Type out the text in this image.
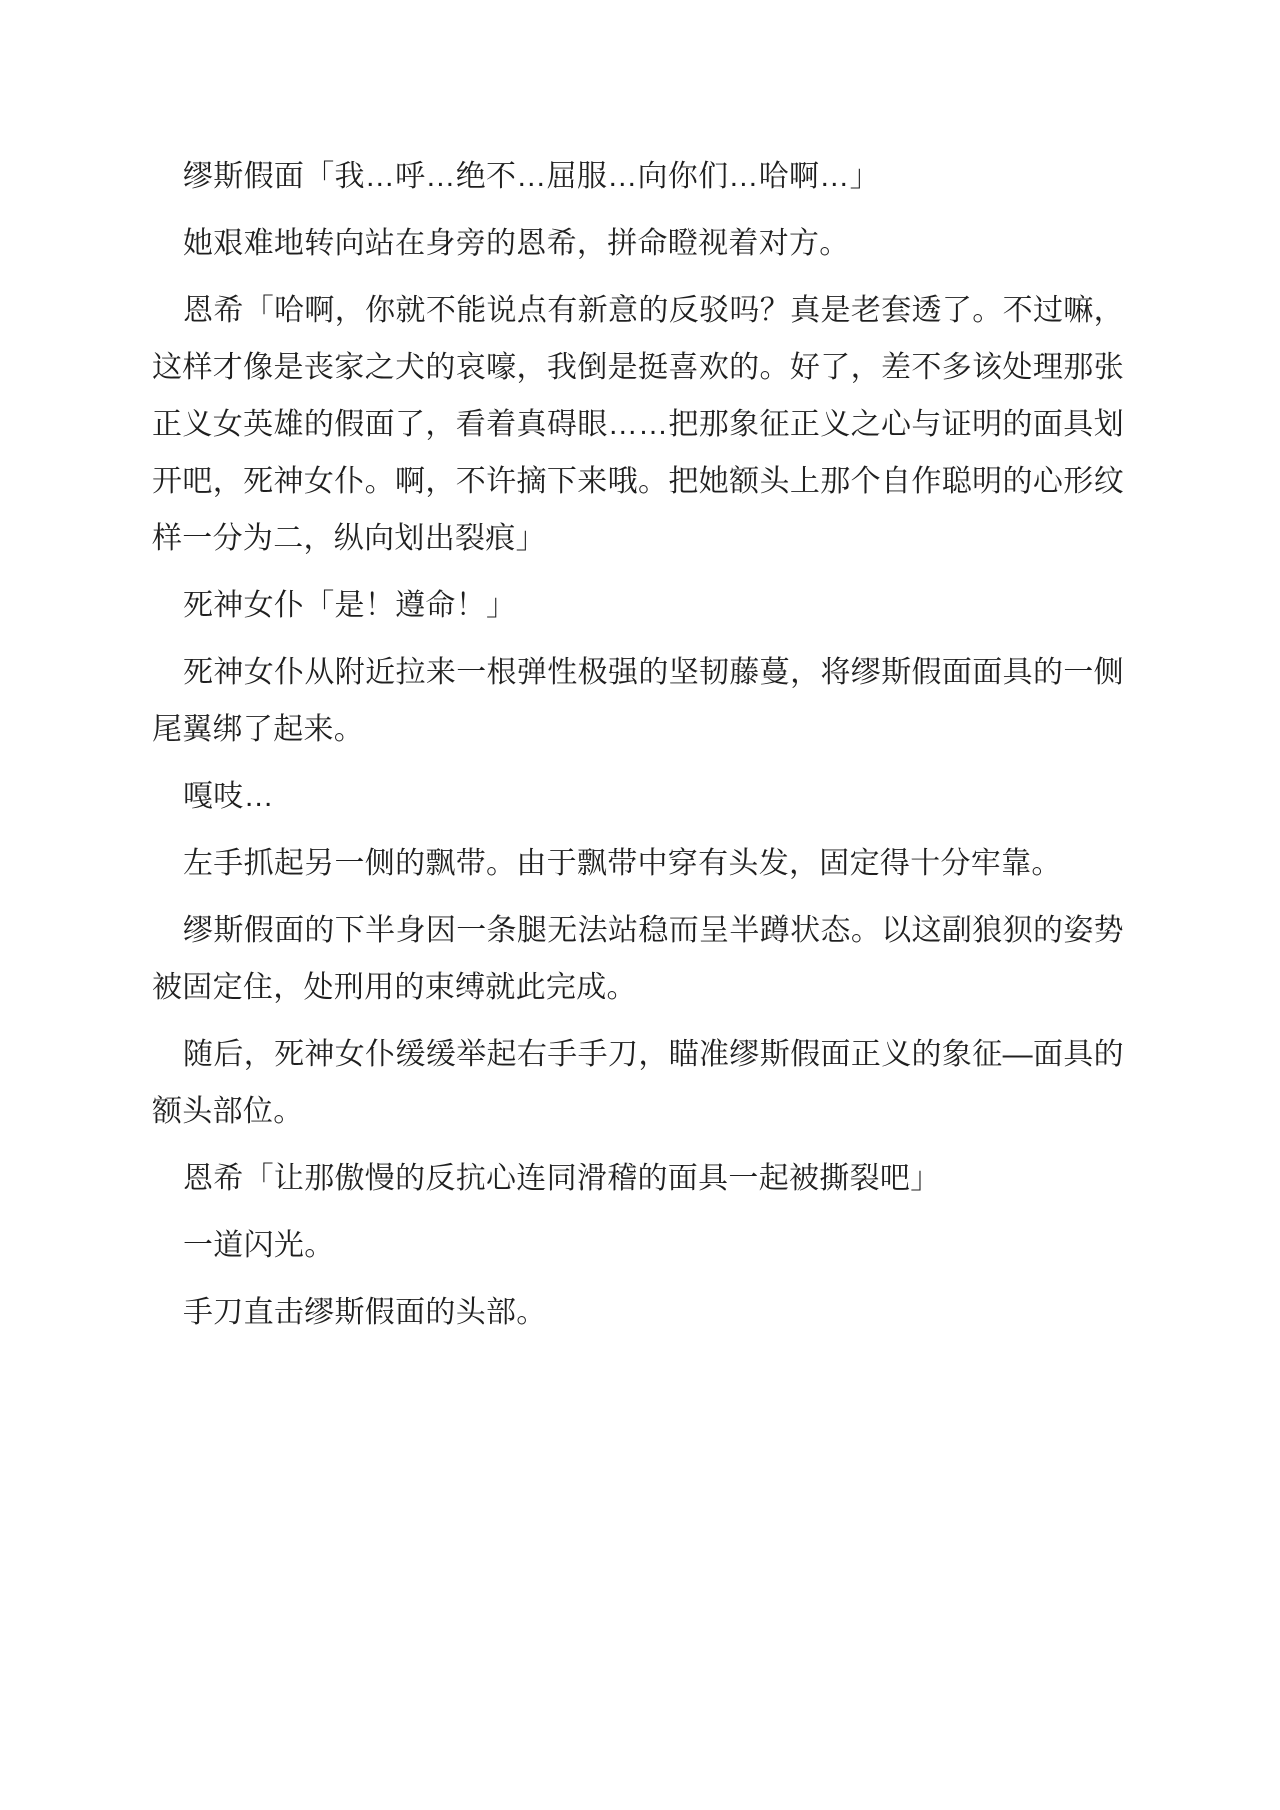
缪斯假面「我…呼…绝不…屈服…向你们…哈啊…」
她艰难地转向站在身旁的恩希，拼命瞪视着对方。
恩希「哈啊，你就不能说点有新意的反驳吗？真是老套透了。不过嘛，
这样才像是丧家之犬的哀嚎，我倒是挺喜欢的。好了，差不多该处理那张
正义女英雄的假面了，看着真碍眼……把那象征正义之心与证明的面具划
开吧，死神女仆。啊，不许摘下来哦。把她额头上那个自作聪明的心形纹
样一分为二，纵向划出裂痕」
死神女仆「是！遵命！」
死神女仆从附近拉来一根弹性极强的坚韧藤蔓，将缪斯假面面具的一侧
尾翼绑了起来。
嘎吱…
左手抓起另一侧的飘带。由于飘带中穿有头发，固定得十分牢靠。
缪斯假面的下半身因一条腿无法站稳而呈半蹲状态。以这副狼狈的姿势
被固定住，处刑用的束缚就此完成。
随后，死神女仆缓缓举起右手手刀，瞄准缪斯假面正义的象征—面具的
额头部位。
恩希「让那傲慢的反抗心连同滑稽的面具一起被撕裂吧」
一道闪光。
手刀直击缪斯假面的头部。
